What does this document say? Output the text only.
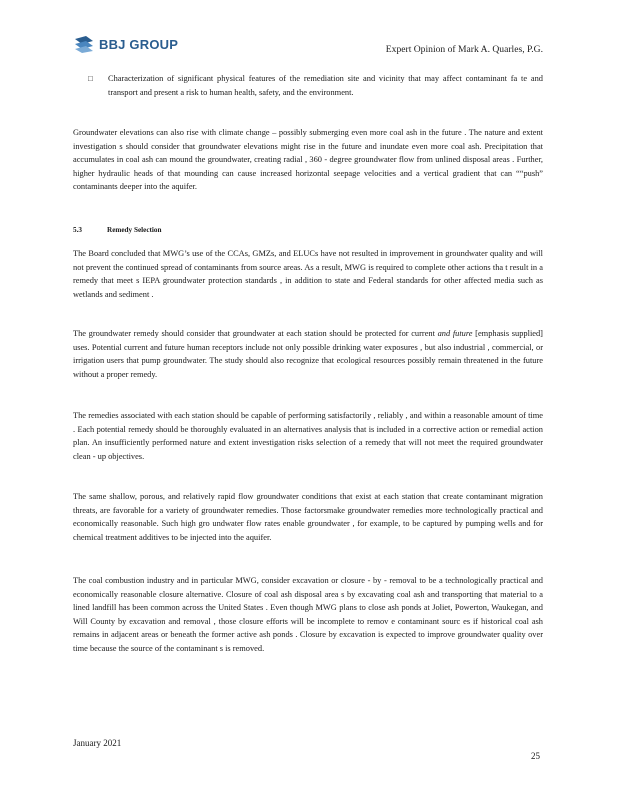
BBJ GROUP	Expert Opinion of Mark A. Quarles, P.G.
□	Characterization of significant physical features of the remediation site and vicinity that may affect contaminant fa te and transport and present a risk to human health, safety, and the environment.

Groundwater elevations can also rise with climate change – possibly submerging even more coal ash in the future . The nature and extent investigation s should consider that groundwater elevations might rise in the future and inundate even more coal ash. Precipitation that accumulates in coal ash can mound the groundwater, creating radial , 360 - degree groundwater flow from unlined disposal areas . Further, higher hydraulic heads of that mounding can cause increased horizontal seepage velocities and a vertical gradient that can ““push” contaminants deeper into the aquifer.

5.3	Remedy Selection

The Board concluded that MWG’s use of the CCAs, GMZs, and ELUCs have not resulted in improvement in groundwater quality and will not prevent the continued spread of contaminants from source areas. As a result, MWG is required to complete other actions tha t result in a remedy that meet s IEPA groundwater protection standards , in addition to state and Federal standards for other affected media such as wetlands and sediment .

The groundwater remedy should consider that groundwater at each station should be protected for current and future [emphasis supplied] uses. Potential current and future human receptors include not only possible drinking water exposures , but also industrial , commercial, or irrigation users that pump groundwater. The study should also recognize that ecological resources possibly remain threatened in the future without a proper remedy.

The remedies associated with each station should be capable of performing satisfactorily , reliably , and within a reasonable amount of time . Each potential remedy should be thoroughly evaluated in an alternatives analysis that is included in a corrective action or remedial action plan. An insufficiently performed nature and extent investigation risks selection of a remedy that will not meet the required groundwater clean - up objectives.

The same shallow, porous, and relatively rapid flow groundwater conditions that exist at each station that create contaminant migration threats, are favorable for a variety of groundwater remedies. Those factorsmake groundwater remedies more technologically practical and economically reasonable. Such high gro undwater flow rates enable groundwater , for example, to be captured by pumping wells and for chemical treatment additives to be injected into the aquifer.

The coal combustion industry and in particular MWG, consider excavation or closure - by - removal to be a technologically practical and economically reasonable closure alternative. Closure of coal ash disposal area s by excavating coal ash and transporting that material to a lined landfill has been common across the United States . Even though MWG plans to close ash ponds at Joliet, Powerton, Waukegan, and Will County by excavation and removal , those closure efforts will be incomplete to remov e contaminant sourc es if historical coal ash remains in adjacent areas or beneath the former active ash ponds . Closure by excavation is expected to improve groundwater quality over time because the source of the contaminant s is removed.

January 2021
25
